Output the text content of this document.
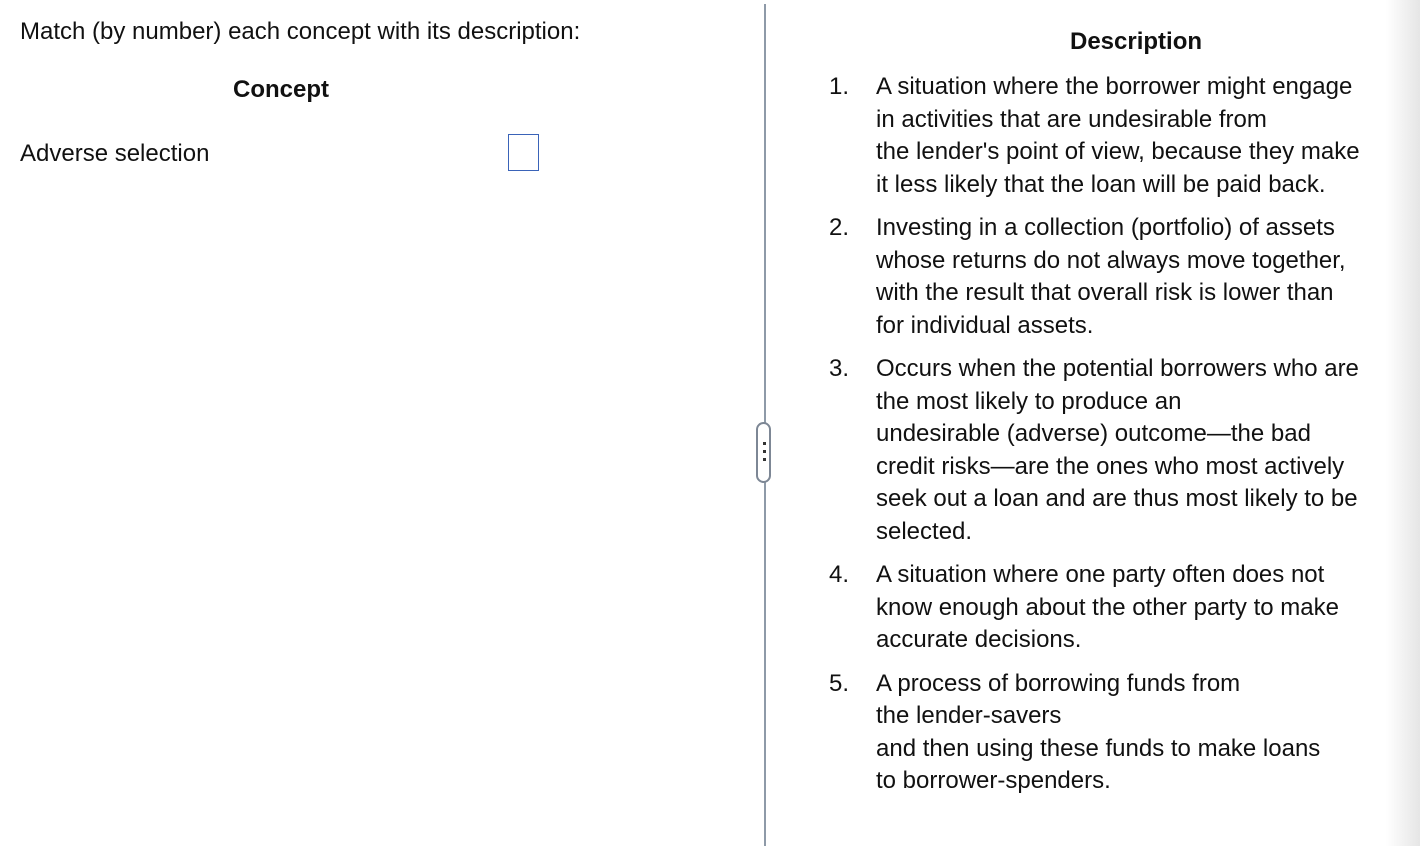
Match (by number) each concept with its description:
Concept
Adverse selection
Description
1. A situation where the borrower might engage
in activities that are undesirable from
the lender's point of view, because they make
it less likely that the loan will be paid back.
2. Investing in a collection (portfolio) of assets
whose returns do not always move together,
with the result that overall risk is lower than
for individual assets.
3. Occurs when the potential borrowers who are
the most likely to produce an
undesirable (adverse) outcome—the bad
credit risks—are the ones who most actively
seek out a loan and are thus most likely to be
selected.
4. A situation where one party often does not
know enough about the other party to make
accurate decisions.
5. A process of borrowing funds from
the lender-savers
and then using these funds to make loans
to borrower-spenders.
